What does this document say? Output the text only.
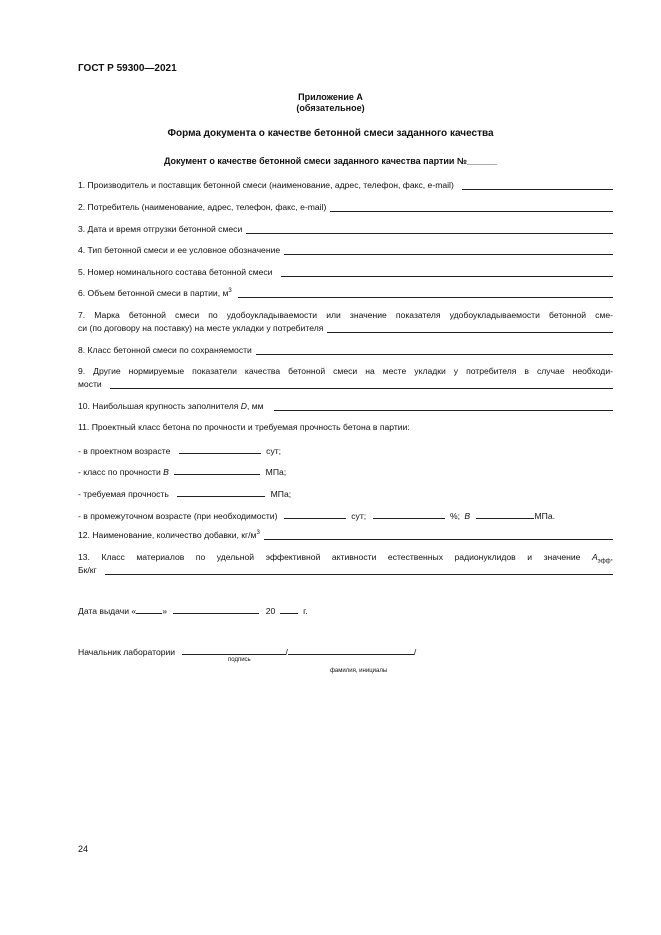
ГОСТ Р 59300—2021
Приложение А
(обязательное)
Форма документа о качестве бетонной смеси заданного качества
Документ о качестве бетонной смеси заданного качества партии №______
1. Производитель и поставщик бетонной смеси (наименование, адрес, телефон, факс, e-mail)
2. Потребитель (наименование, адрес, телефон, факс, e-mail)
3. Дата и время отгрузки бетонной смеси
4. Тип бетонной смеси и ее условное обозначение
5. Номер номинального состава бетонной смеси
6. Объем бетонной смеси в партии, $м^3$
7. Марка бетонной смеси по удобоукладываемости или значение показателя удобоукладываемости бетонной сме-
си (по договору на поставку) на месте укладки у потребителя
8. Класс бетонной смеси по сохраняемости
9. Другие нормируемые показатели качества бетонной смеси на месте укладки у потребителя в случае необходи-
мости
10. Наибольшая крупность заполнителя D, мм
11. Проектный класс бетона по прочности и требуемая прочность бетона в партии:
- в проектном возрасте	сут;
- класс по прочности В	МПа;
- требуемая прочность	МПа;
- в промежуточном возрасте (при необходимости)	сут;	%; В	МПа.
12. Наименование, количество добавки, $кг/м^3$
13. Класс материалов по удельной эффективной активности естественных радионуклидов и значение $А_{эфф}$,
Бк/кг
Дата выдачи «	»	20	г.
Начальник лаборатории	/	/
подпись
фамилия, инициалы
24
